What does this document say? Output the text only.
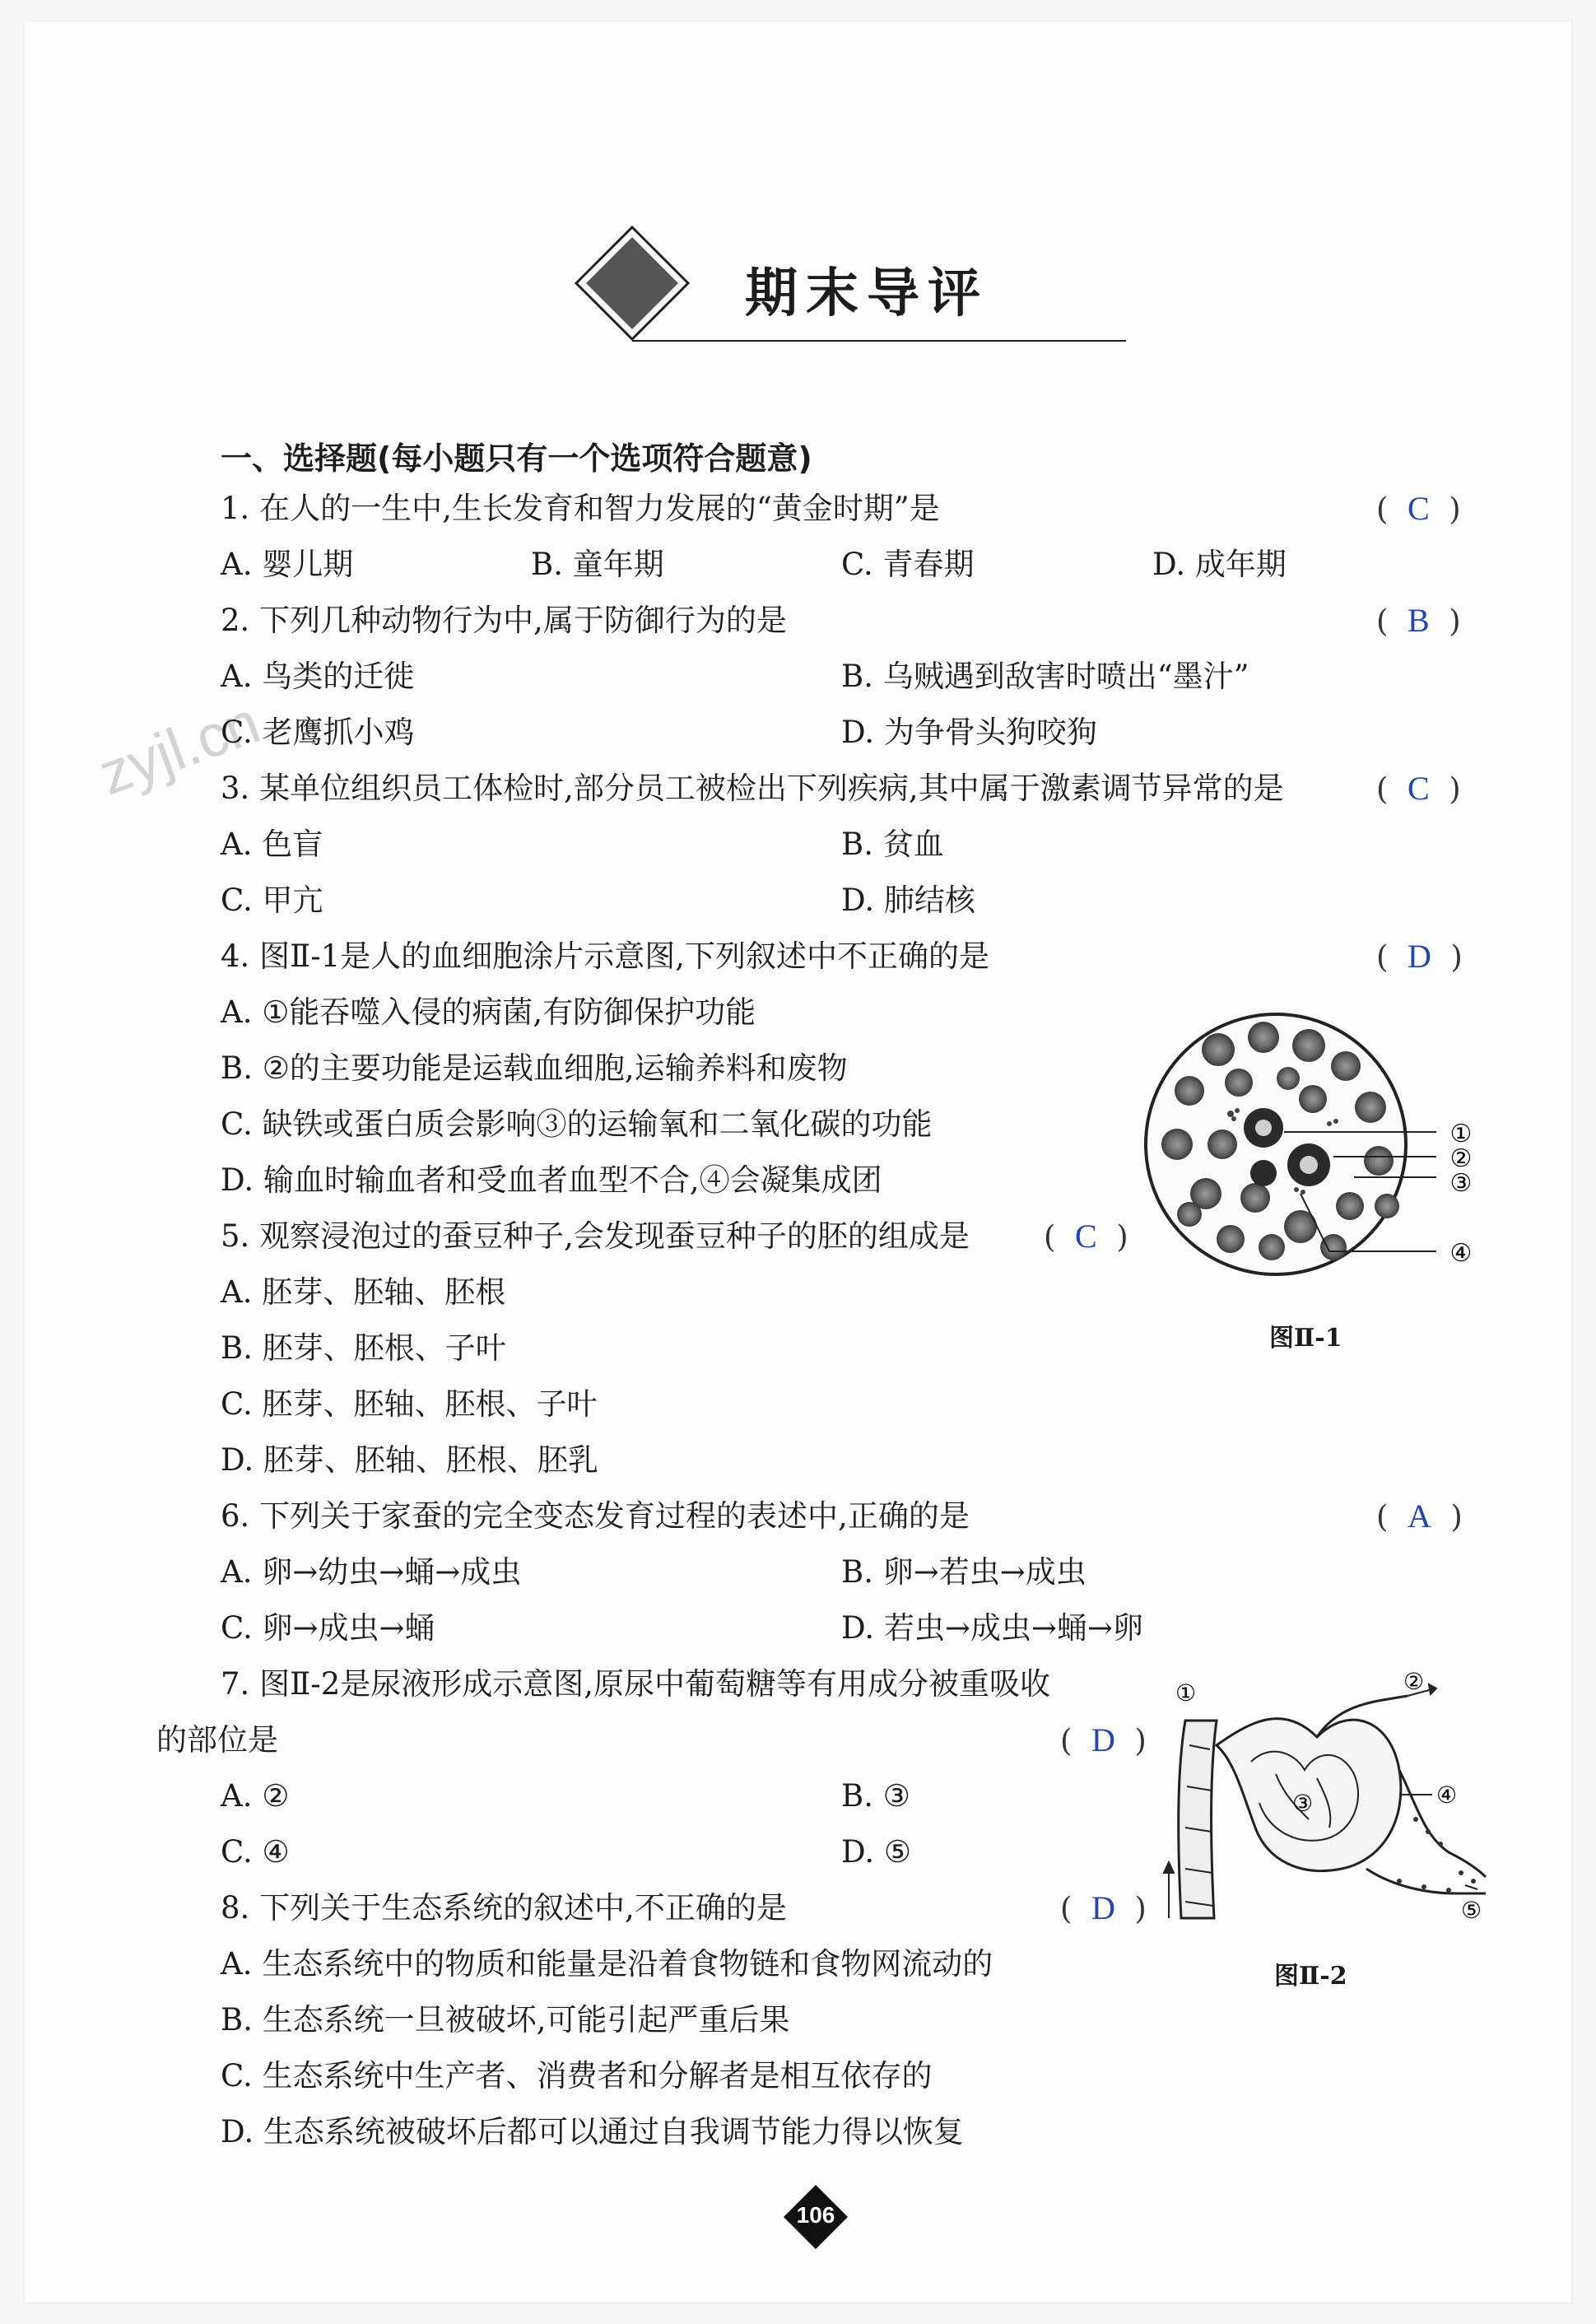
期末导评
一、选择题(每小题只有一个选项符合题意)
zyjl.cn
1. 在人的一生中,生长发育和智力发展的“黄金时期”是	( C )
A. 婴儿期	B. 童年期	C. 青春期	D. 成年期
2. 下列几种动物行为中,属于防御行为的是	( B )
A. 鸟类的迁徙	B. 乌贼遇到敌害时喷出“墨汁”
C. 老鹰抓小鸡	D. 为争骨头狗咬狗
3. 某单位组织员工体检时,部分员工被检出下列疾病,其中属于激素调节异常的是	( C )
A. 色盲	B. 贫血
C. 甲亢	D. 肺结核
4. 图Ⅱ-1是人的血细胞涂片示意图,下列叙述中不正确的是	( D )
A. ①能吞噬入侵的病菌,有防御保护功能
B. ②的主要功能是运载血细胞,运输养料和废物
C. 缺铁或蛋白质会影响③的运输氧和二氧化碳的功能
D. 输血时输血者和受血者血型不合,④会凝集成团
①
②
③
④
图Ⅱ-1
5. 观察浸泡过的蚕豆种子,会发现蚕豆种子的胚的组成是 ( C )
A. 胚芽、胚轴、胚根
B. 胚芽、胚根、子叶
C. 胚芽、胚轴、胚根、子叶
D. 胚芽、胚轴、胚根、胚乳
6. 下列关于家蚕的完全变态发育过程的表述中,正确的是	( A )
A. 卵→幼虫→蛹→成虫	B. 卵→若虫→成虫
C. 卵→成虫→蛹	D. 若虫→成虫→蛹→卵
7. 图Ⅱ-2是尿液形成示意图,原尿中葡萄糖等有用成分被重吸收
的部位是	( D )
A. ②	B. ③
C. ④	D. ⑤
①	②
③	④
⑤
图Ⅱ-2
8. 下列关于生态系统的叙述中,不正确的是	( D )
A. 生态系统中的物质和能量是沿着食物链和食物网流动的
B. 生态系统一旦被破坏,可能引起严重后果
C. 生态系统中生产者、消费者和分解者是相互依存的
D. 生态系统被破坏后都可以通过自我调节能力得以恢复
106
